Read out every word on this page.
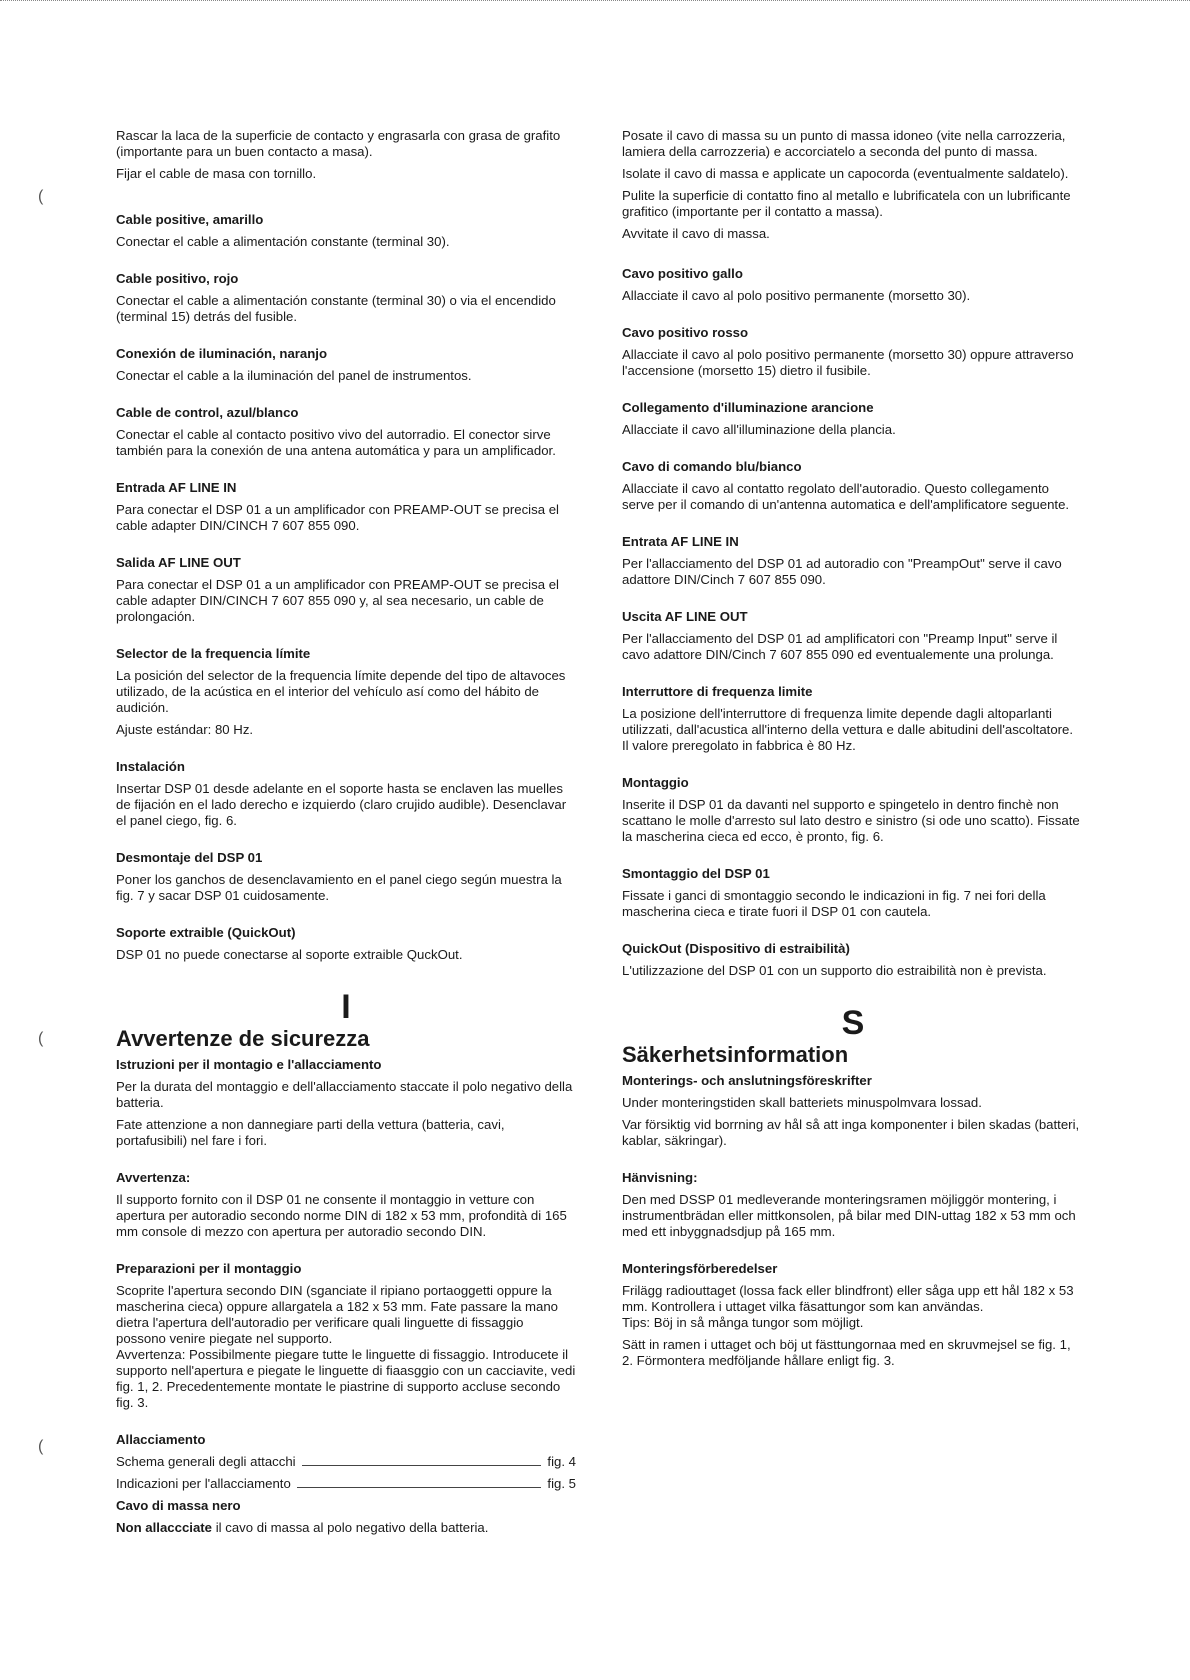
(
(
(

Rascar la laca de la superficie de contacto y engrasarla con grasa de grafito (importante para un buen contacto a masa).

Fijar el cable de masa con tornillo.

Cable positive, amarillo

Conectar el cable a alimentación constante (terminal 30).

Cable positivo, rojo

Conectar el cable a alimentación constante (terminal 30) o via el encendido (terminal 15) detrás del fusible.

Conexión de iluminación, naranjo

Conectar el cable a la iluminación del panel de instrumentos.

Cable de control, azul/blanco

Conectar el cable al contacto positivo vivo del autorradio. El conector sirve también para la conexión de una antena automática y para un amplificador.

Entrada AF LINE IN

Para conectar el DSP 01 a un amplificador con PREAMP-OUT se precisa el cable adapter DIN/CINCH 7 607 855 090.

Salida AF LINE OUT

Para conectar el DSP 01 a un amplificador con PREAMP-OUT se precisa el cable adapter DIN/CINCH 7 607 855 090 y, al sea necesario, un cable de prolongación.

Selector de la frequencia límite

La posición del selector de la frequencia límite depende del tipo de altavoces utilizado, de la acústica en el interior del vehículo así como del hábito de audición.

Ajuste estándar: 80 Hz.

Instalación

Insertar DSP 01 desde adelante en el soporte hasta se enclaven las muelles de fijación en el lado derecho e izquierdo (claro crujido audible). Desenclavar el panel ciego, fig. 6.

Desmontaje del DSP 01

Poner los ganchos de desenclavamiento en el panel ciego según muestra la fig. 7 y sacar DSP 01 cuidosamente.

Soporte extraible (QuickOut)

DSP 01 no puede conectarse al soporte extraible QuckOut.

I
Avvertenze de sicurezza
Istruzioni per il montagio e l'allacciamento

Per la durata del montaggio e dell'allacciamento staccate il polo negativo della batteria.

Fate attenzione a non dannegiare parti della vettura (batteria, cavi, portafusibili) nel fare i fori.

Avvertenza:

Il supporto fornito con il DSP 01 ne consente il montaggio in vetture con apertura per autoradio secondo norme DIN di 182 x 53 mm, profondità di 165 mm console di mezzo con apertura per autoradio secondo DIN.

Preparazioni per il montaggio

Scoprite l'apertura secondo DIN (sganciate il ripiano portaoggetti oppure la mascherina cieca) oppure allargatela a 182 x 53 mm. Fate passare la mano dietra l'apertura dell'autoradio per verificare quali linguette di fissaggio possono venire piegate nel supporto.

Avvertenza: Possibilmente piegare tutte le linguette di fissaggio. Introducete il supporto nell'apertura e piegate le linguette di fiaasggio con un cacciavite, vedi fig. 1, 2. Precedentemente montate le piastrine di supporto accluse secondo fig. 3.

Allacciamento
Schema generali degli attacchi	fig. 4
Indicazioni per l'allacciamento	fig. 5
Cavo di massa nero

Non allaccciate il cavo di massa al polo negativo della batteria.

Posate il cavo di massa su un punto di massa idoneo (vite nella carrozzeria, lamiera della carrozzeria) e accorciatelo a seconda del punto di massa.

Isolate il cavo di massa e applicate un capocorda (eventualmente saldatelo).

Pulite la superficie di contatto fino al metallo e lubrificatela con un lubrificante grafitico (importante per il contatto a massa).

Avvitate il cavo di massa.

Cavo positivo gallo

Allacciate il cavo al polo positivo permanente (morsetto 30).

Cavo positivo rosso

Allacciate il cavo al polo positivo permanente (morsetto 30) oppure attraverso l'accensione (morsetto 15) dietro il fusibile.

Collegamento d'illuminazione arancione

Allacciate il cavo all'illuminazione della plancia.

Cavo di comando blu/bianco

Allacciate il cavo al contatto regolato dell'autoradio. Questo collegamento serve per il comando di un'antenna automatica e dell'amplificatore seguente.

Entrata AF LINE IN

Per l'allacciamento del DSP 01 ad autoradio con "PreampOut" serve il cavo adattore DIN/Cinch 7 607 855 090.

Uscita AF LINE OUT

Per l'allacciamento del DSP 01 ad amplificatori con "Preamp Input" serve il cavo adattore DIN/Cinch 7 607 855 090 ed eventualemente una prolunga.

Interruttore di frequenza limite

La posizione dell'interruttore di frequenza limite depende dagli altoparlanti utilizzati, dall'acustica all'interno della vettura e dalle abitudini dell'ascoltatore.

Il valore preregolato in fabbrica è 80 Hz.

Montaggio

Inserite il DSP 01 da davanti nel supporto e spingetelo in dentro finchè non scattano le molle d'arresto sul lato destro e sinistro (si ode uno scatto). Fissate la mascherina cieca ed ecco, è pronto, fig. 6.

Smontaggio del DSP 01

Fissate i ganci di smontaggio secondo le indicazioni in fig. 7 nei fori della mascherina cieca e tirate fuori il DSP 01 con cautela.

QuickOut (Dispositivo di estraibilità)

L'utilizzazione del DSP 01 con un supporto dio estraibilità non è prevista.

S
Säkerhetsinformation
Monterings- och anslutningsföreskrifter

Under monteringstiden skall batteriets minuspolmvara lossad.

Var försiktig vid borrning av hål så att inga komponenter i bilen skadas (batteri, kablar, säkringar).

Hänvisning:

Den med DSSP 01 medleverande monteringsramen möjliggör montering, i instrumentbrädan eller mittkonsolen, på bilar med DIN-uttag 182 x 53 mm och med ett inbyggnadsdjup på 165 mm.

Monteringsförberedelser

Frilägg radiouttaget (lossa fack eller blindfront) eller såga upp ett hål 182 x 53 mm. Kontrollera i uttaget vilka fäsattungor som kan användas.

Tips: Böj in så många tungor som möjligt.

Sätt in ramen i uttaget och böj ut fästtungornaa med en skruvmejsel se fig. 1, 2. Förmontera medföljande hållare enligt fig. 3.
